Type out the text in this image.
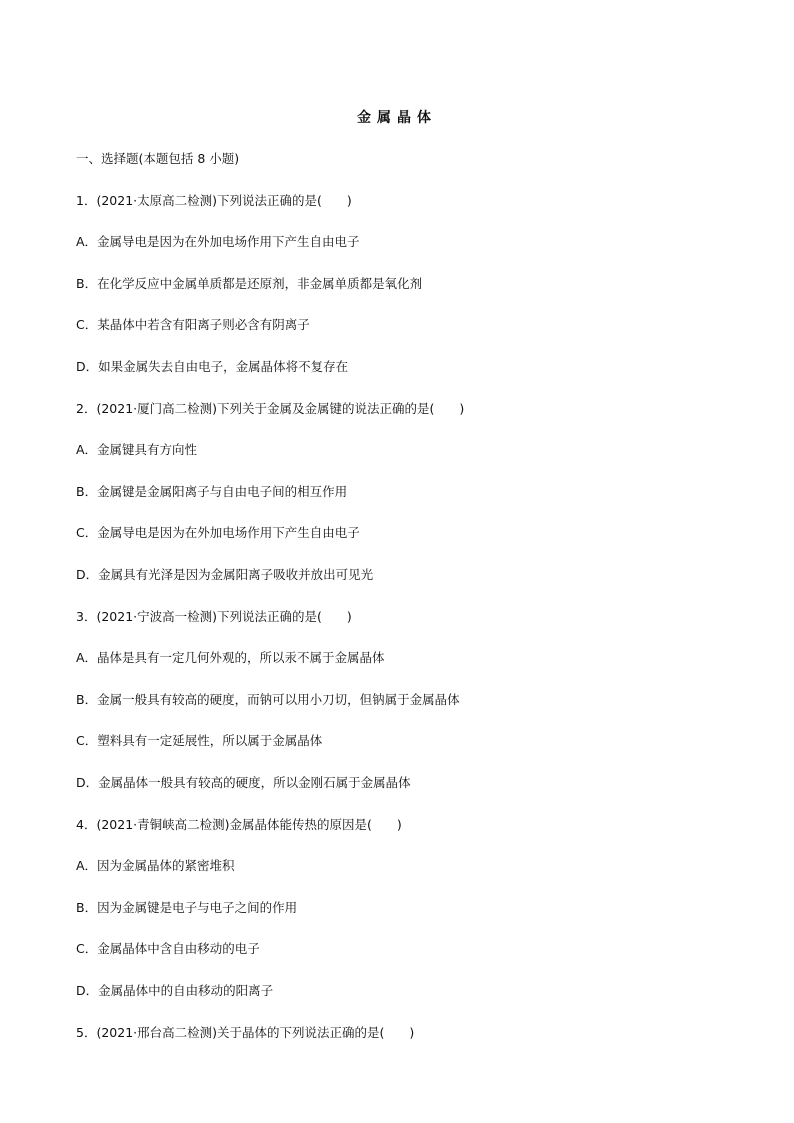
金属晶体
一、选择题(本题包括 8 小题)
1．(2021·太原高二检测)下列说法正确的是(　　)
A．金属导电是因为在外加电场作用下产生自由电子
B．在化学反应中金属单质都是还原剂，非金属单质都是氧化剂
C．某晶体中若含有阳离子则必含有阴离子
D．如果金属失去自由电子，金属晶体将不复存在
2．(2021·厦门高二检测)下列关于金属及金属键的说法正确的是(　　)
A．金属键具有方向性
B．金属键是金属阳离子与自由电子间的相互作用
C．金属导电是因为在外加电场作用下产生自由电子
D．金属具有光泽是因为金属阳离子吸收并放出可见光
3．(2021·宁波高一检测)下列说法正确的是(　　)
A．晶体是具有一定几何外观的，所以汞不属于金属晶体
B．金属一般具有较高的硬度，而钠可以用小刀切，但钠属于金属晶体
C．塑料具有一定延展性，所以属于金属晶体
D．金属晶体一般具有较高的硬度，所以金刚石属于金属晶体
4．(2021·青铜峡高二检测)金属晶体能传热的原因是(　　)
A．因为金属晶体的紧密堆积
B．因为金属键是电子与电子之间的作用
C．金属晶体中含自由移动的电子
D．金属晶体中的自由移动的阳离子
5．(2021·邢台高二检测)关于晶体的下列说法正确的是(　　)
